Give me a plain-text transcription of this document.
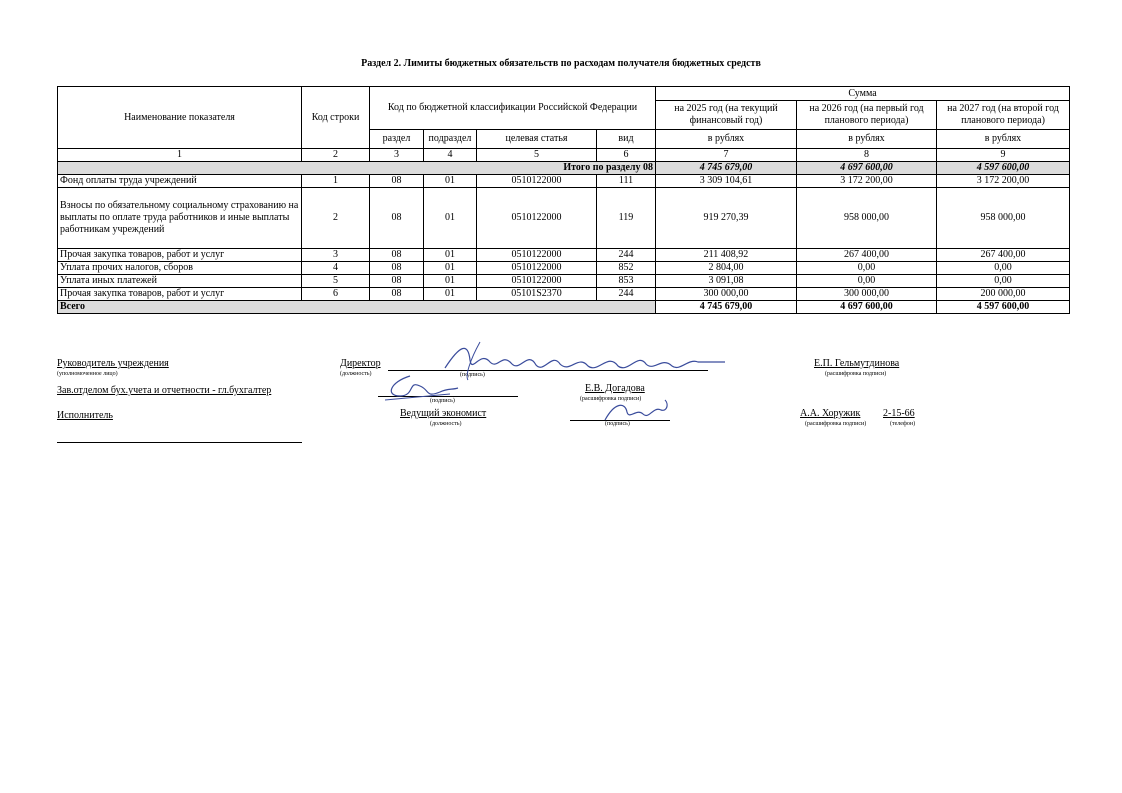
Раздел 2. Лимиты бюджетных обязательств по расходам получателя бюджетных средств
Наименование показателя	Код строки	Код по бюджетной классификации Российской Федерации				Сумма		
						на 2025 год (на текущий финансовый год)	на 2026 год (на первый год планового периода)	на 2027 год (на второй год планового периода)
		раздел	подраздел	целевая статья	вид	в рублях	в рублях	в рублях
1	2	3	4	5	6	7	8	9
Итого по разделу 08						4 745 679,00	4 697 600,00	4 597 600,00
Фонд оплаты труда учреждений	1	08	01	0510122000	111	3 309 104,61	3 172 200,00	3 172 200,00
Взносы по обязательному социальному страхованию на выплаты по оплате труда работников и иные выплаты работникам учреждений	2	08	01	0510122000	119	919 270,39	958 000,00	958 000,00
Прочая закупка товаров, работ и услуг	3	08	01	0510122000	244	211 408,92	267 400,00	267 400,00
Уплата прочих налогов, сборов	4	08	01	0510122000	852	2 804,00	0,00	0,00
Уплата иных платежей	5	08	01	0510122000	853	3 091,08	0,00	0,00
Прочая закупка товаров, работ и услуг	6	08	01	05101S2370	244	300 000,00	300 000,00	200 000,00
Всего						4 745 679,00	4 697 600,00	4 597 600,00
Руководитель учреждения
(уполномоченное лицо)
Директор
(должность)	(подпись)
Е.П. Гельмутдинова
(расшифровка подписи)
Зав.отделом бух.учета и отчетности - гл.бухгалтер
(подпись)
Е.В. Догадова
(расшифровка подписи)
Исполнитель	Ведущий экономист
(должность)	(подпись)
А.А. Хоружик 2-15-66
(расшифровка подписи)	(телефон)
